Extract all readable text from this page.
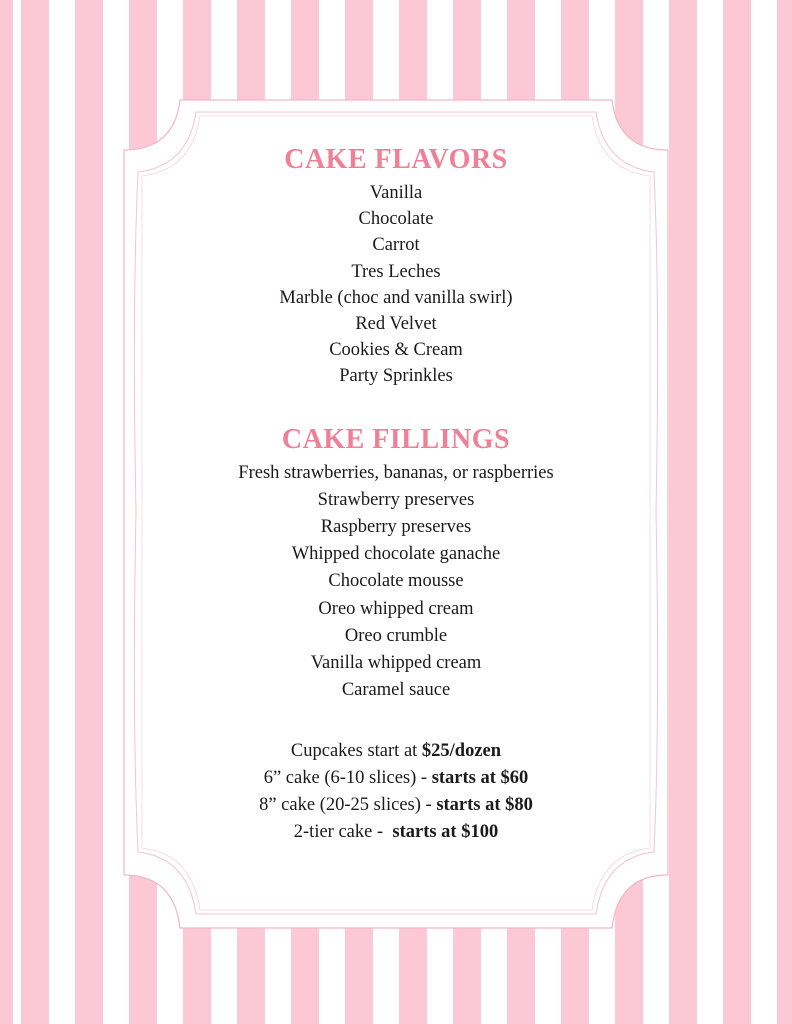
CAKE FLAVORS
Vanilla
Chocolate
Carrot
Tres Leches
Marble (choc and vanilla swirl)
Red Velvet
Cookies & Cream
Party Sprinkles
CAKE FILLINGS
Fresh strawberries, bananas, or raspberries
Strawberry preserves
Raspberry preserves
Whipped chocolate ganache
Chocolate mousse
Oreo whipped cream
Oreo crumble
Vanilla whipped cream
Caramel sauce
Cupcakes start at $25/dozen
6” cake (6-10 slices) - starts at $60
8” cake (20-25 slices) - starts at $80
2-tier cake -  starts at $100
